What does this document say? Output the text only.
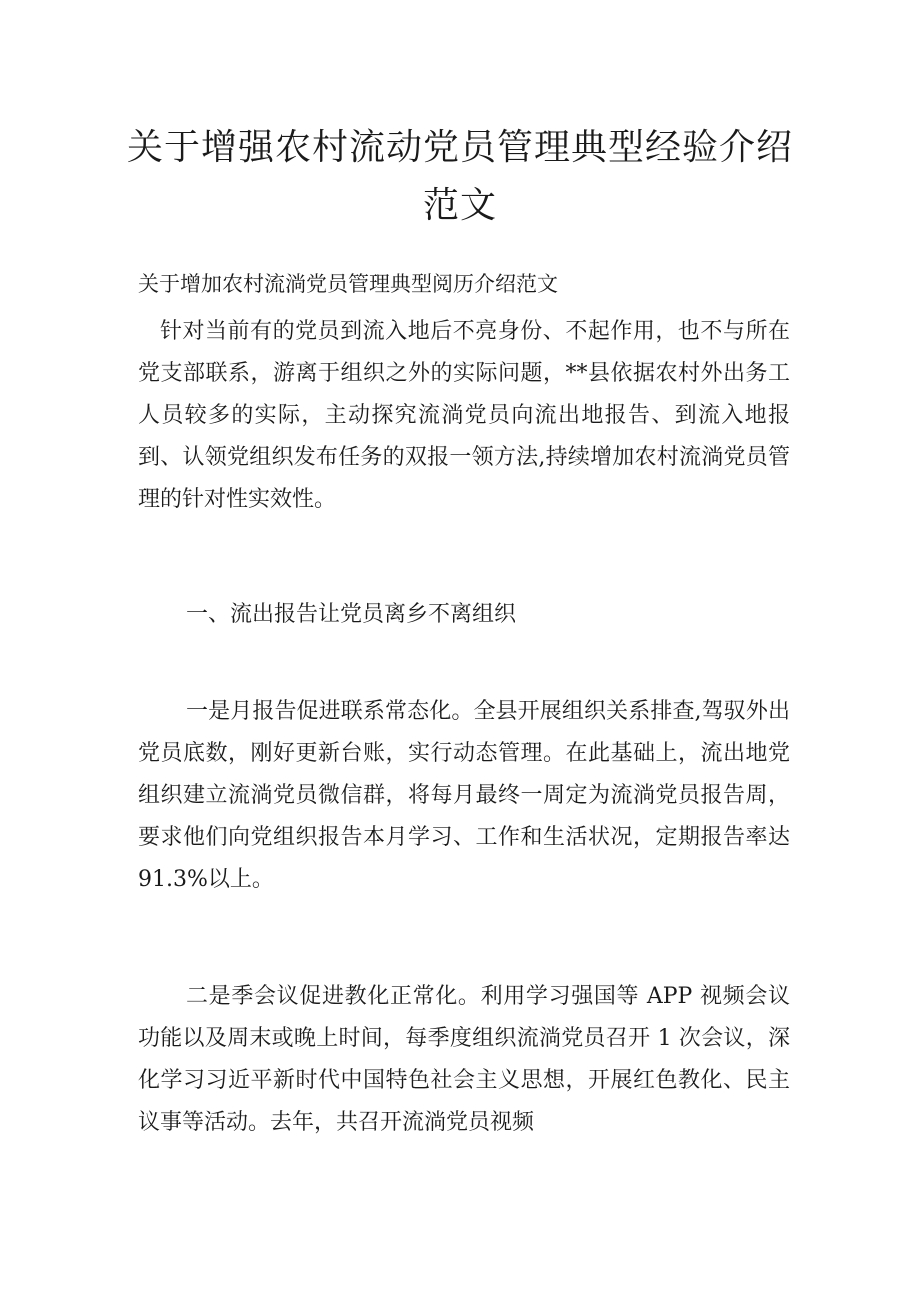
关于增强农村流动党员管理典型经验介绍
范文
关于增加农村流淌党员管理典型阅历介绍范文

针对当前有的党员到流入地后不亮身份、不起作用，也不与所在党支部联系，游离于组织之外的实际问题，**县依据农村外出务工人员较多的实际，主动探究流淌党员向流出地报告、到流入地报到、认领党组织发布任务的双报一领方法,持续增加农村流淌党员管理的针对性实效性。

一、流出报告让党员离乡不离组织

一是月报告促进联系常态化。全县开展组织关系排查,驾驭外出党员底数，刚好更新台账，实行动态管理。在此基础上，流出地党组织建立流淌党员微信群，将每月最终一周定为流淌党员报告周，要求他们向党组织报告本月学习、工作和生活状况，定期报告率达 91.3%以上。

二是季会议促进教化正常化。利用学习强国等 APP 视频会议功能以及周末或晚上时间，每季度组织流淌党员召开 1 次会议，深化学习习近平新时代中国特色社会主义思想，开展红色教化、民主议事等活动。去年，共召开流淌党员视频
